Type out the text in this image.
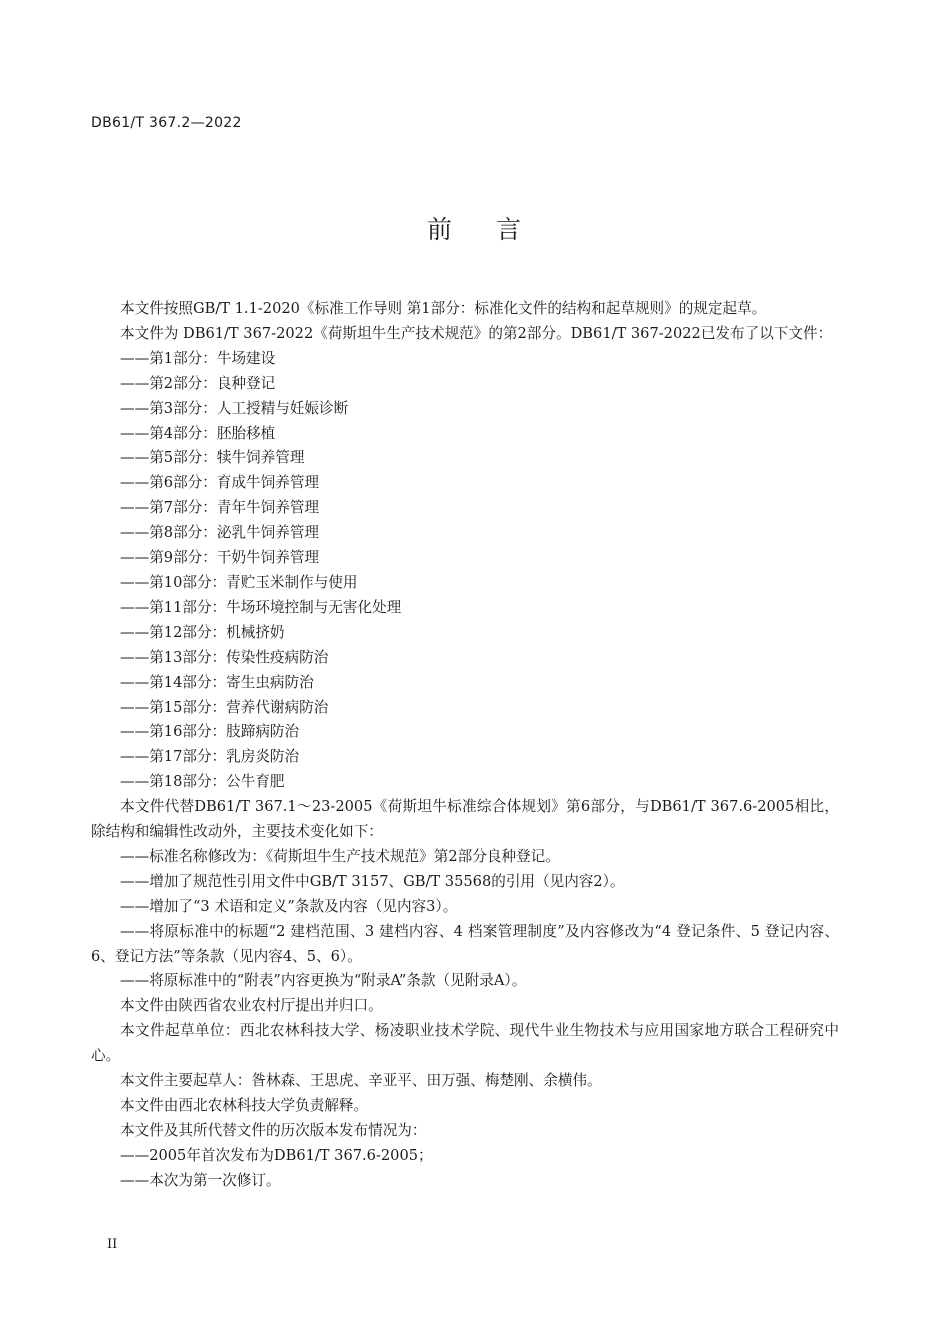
DB61/T 367.2—2022
前 言

本文件按照GB/T 1.1-2020《标准工作导则 第1部分：标准化文件的结构和起草规则》的规定起草。

本文件为 DB61/T 367-2022《荷斯坦牛生产技术规范》的第2部分。DB61/T 367-2022已发布了以下文件：

——第1部分：牛场建设

——第2部分：良种登记

——第3部分：人工授精与妊娠诊断

——第4部分：胚胎移植

——第5部分：犊牛饲养管理

——第6部分：育成牛饲养管理

——第7部分：青年牛饲养管理

——第8部分：泌乳牛饲养管理

——第9部分：干奶牛饲养管理

——第10部分：青贮玉米制作与使用

——第11部分：牛场环境控制与无害化处理

——第12部分：机械挤奶

——第13部分：传染性疫病防治

——第14部分：寄生虫病防治

——第15部分：营养代谢病防治

——第16部分：肢蹄病防治

——第17部分：乳房炎防治

——第18部分：公牛育肥

本文件代替DB61/T 367.1～23-2005《荷斯坦牛标准综合体规划》第6部分，与DB61/T 367.6-2005相比，除结构和编辑性改动外，主要技术变化如下：

——标准名称修改为：《荷斯坦牛生产技术规范》第2部分良种登记。

——增加了规范性引用文件中GB/T 3157、GB/T 35568的引用（见内容2）。

——增加了“3 术语和定义”条款及内容（见内容3）。

——将原标准中的标题“2 建档范围、3 建档内容、4 档案管理制度”及内容修改为“4 登记条件、5 登记内容、6、登记方法”等条款（见内容4、5、6）。

——将原标准中的“附表”内容更换为“附录A”条款（见附录A）。

本文件由陕西省农业农村厅提出并归口。

本文件起草单位：西北农林科技大学、杨凌职业技术学院、现代牛业生物技术与应用国家地方联合工程研究中心。

本文件主要起草人：昝林森、王思虎、辛亚平、田万强、梅楚刚、余横伟。

本文件由西北农林科技大学负责解释。

本文件及其所代替文件的历次版本发布情况为：

——2005年首次发布为DB61/T 367.6-2005；

——本次为第一次修订。

II
